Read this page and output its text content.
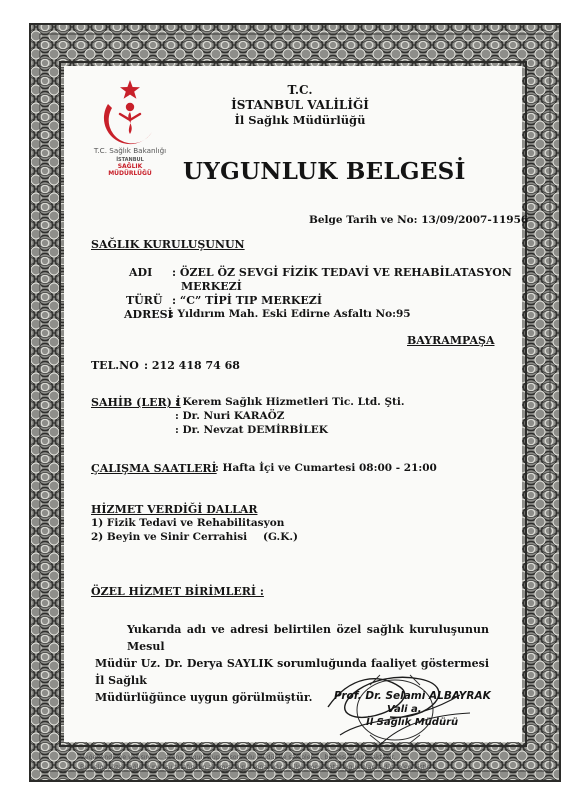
T.C. Sağlık Bakanlığı
İSTANBUL
SAĞLIK
MÜDÜRLÜĞÜ
T.C.
İSTANBUL VALİLİĞİ
İl Sağlık Müdürlüğü
UYGUNLUK BELGESİ
Belge Tarih ve No: 13/09/2007-11956
SAĞLIK KURULUŞUNUN
ADI : ÖZEL ÖZ SEVGİ FİZİK TEDAVİ VE REHABİLATASYON
MERKEZİ
TÜRÜ : “C” TİPİ TIP MERKEZİ
ADRESİ
: Yıldırım Mah. Eski Edirne Asfaltı No:95
BAYRAMPAŞA
TEL.NO : 212 418 74 68
SAHİB (LER) İ
: Kerem Sağlık Hizmetleri Tic. Ltd. Şti.
: Dr. Nuri KARAÖZ
: Dr. Nevzat DEMİRBİLEK
ÇALIŞMA SAATLERİ
: Hafta İçi ve Cumartesi 08:00 - 21:00
HİZMET VERDİĞİ DALLAR
1) Fizik Tedavi ve Rehabilitasyon
2) Beyin ve Sinir Cerrahisi (G.K.)
ÖZEL HİZMET BİRİMLERİ :
Yukarıda adı ve adresi belirtilen özel sağlık kuruluşunun Mesul
Müdür Uz. Dr. Derya SAYLIK sorumluğunda faaliyet göstermesi İl Sağlık
Müdürlüğünce uygun görülmüştür.	Prof. Dr. Selami ALBAYRAK
Vali a.
İl Sağlık Müdürü
Değerlendirme yazısının ... aslına uygun olup ... sorumlu müdür ve sahipleri ... belgesi bulunmaktadır.
Bu belge, özel sağlık kuruluşu tarafından alınmış olup ... onaylıdır ve ilgili mevzuata uygun olarak düzenlenmiştir.
